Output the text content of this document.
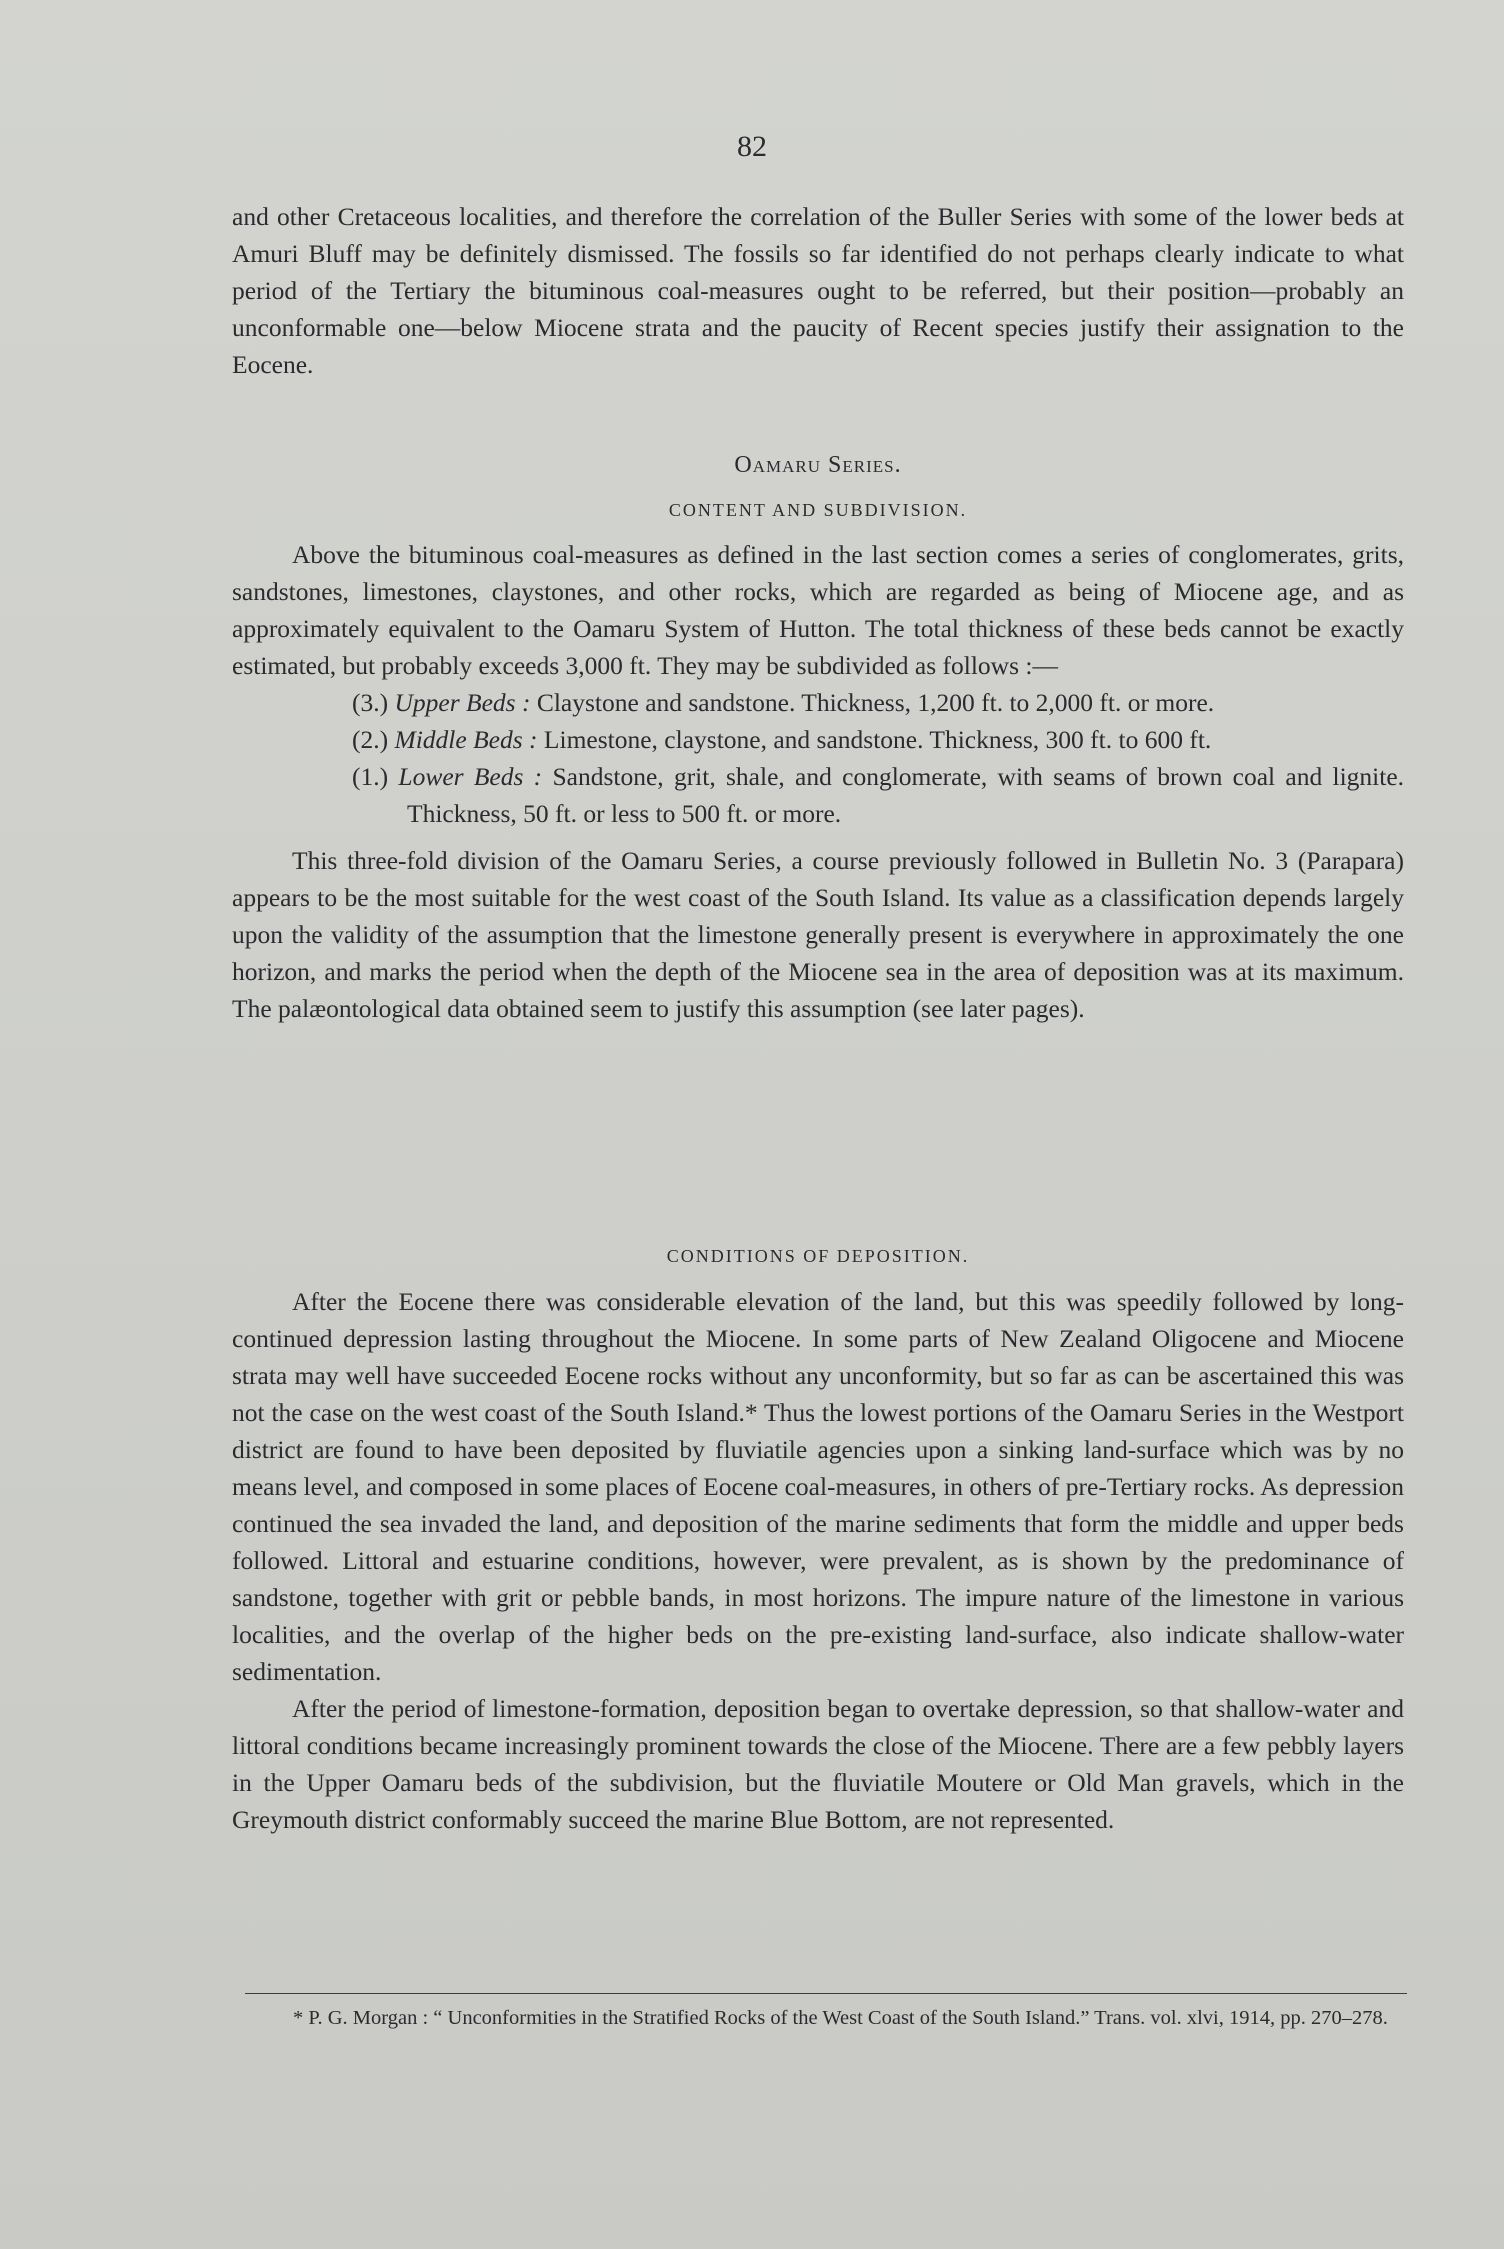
82

and other Cretaceous localities, and therefore the correlation of the Buller Series with some of the lower beds at Amuri Bluff may be definitely dismissed. The fossils so far identified do not perhaps clearly indicate to what period of the Tertiary the bituminous coal-measures ought to be referred, but their position—probably an unconformable one—below Miocene strata and the paucity of Recent species justify their assignation to the Eocene.

Oamaru Series.
CONTENT AND SUBDIVISION.

Above the bituminous coal-measures as defined in the last section comes a series of conglomerates, grits, sandstones, limestones, claystones, and other rocks, which are regarded as being of Miocene age, and as approximately equivalent to the Oamaru System of Hutton. The total thickness of these beds cannot be exactly estimated, but probably exceeds 3,000 ft. They may be subdivided as follows :—

(3.) Upper Beds : Claystone and sandstone. Thickness, 1,200 ft. to 2,000 ft. or more.

(2.) Middle Beds : Limestone, claystone, and sandstone. Thickness, 300 ft. to 600 ft.

(1.) Lower Beds : Sandstone, grit, shale, and conglomerate, with seams of brown coal and lignite. Thickness, 50 ft. or less to 500 ft. or more.

This three-fold division of the Oamaru Series, a course previously followed in Bulletin No. 3 (Parapara) appears to be the most suitable for the west coast of the South Island. Its value as a classification depends largely upon the validity of the assumption that the limestone generally present is everywhere in approximately the one horizon, and marks the period when the depth of the Miocene sea in the area of deposition was at its maximum. The palæontological data obtained seem to justify this assumption (see later pages).

CONDITIONS OF DEPOSITION.

After the Eocene there was considerable elevation of the land, but this was speedily followed by long-continued depression lasting throughout the Miocene. In some parts of New Zealand Oligocene and Miocene strata may well have succeeded Eocene rocks without any unconformity, but so far as can be ascertained this was not the case on the west coast of the South Island.* Thus the lowest portions of the Oamaru Series in the Westport district are found to have been deposited by fluviatile agencies upon a sinking land-surface which was by no means level, and composed in some places of Eocene coal-measures, in others of pre-Tertiary rocks. As depression continued the sea invaded the land, and deposition of the marine sediments that form the middle and upper beds followed. Littoral and estuarine conditions, however, were prevalent, as is shown by the predominance of sandstone, together with grit or pebble bands, in most horizons. The impure nature of the limestone in various localities, and the overlap of the higher beds on the pre-existing land-surface, also indicate shallow-water sedimentation.

After the period of limestone-formation, deposition began to overtake depression, so that shallow-water and littoral conditions became increasingly prominent towards the close of the Miocene. There are a few pebbly layers in the Upper Oamaru beds of the subdivision, but the fluviatile Moutere or Old Man gravels, which in the Greymouth district conformably succeed the marine Blue Bottom, are not represented.

* P. G. Morgan : “ Unconformities in the Stratified Rocks of the West Coast of the South Island.” Trans. vol. xlvi, 1914, pp. 270–278.
